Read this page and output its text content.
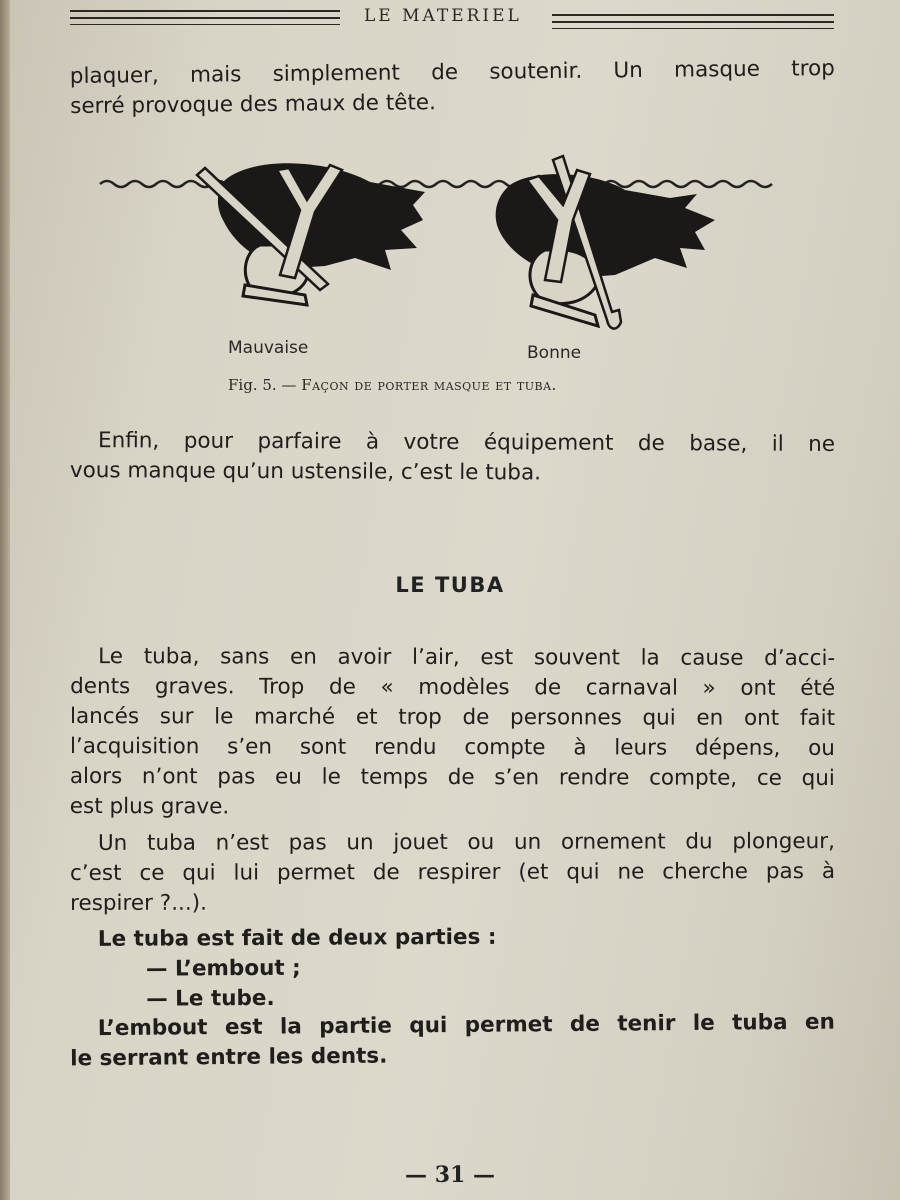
LE MATERIEL
plaquer, mais simplement de soutenir. Un masque trop
serré provoque des maux de tête.
Mauvaise	Bonne
Fig. 5. — Façon de porter masque et tuba.
Enfin, pour parfaire à votre équipement de base, il ne
vous manque qu’un ustensile, c’est le tuba.
LE TUBA
Le tuba, sans en avoir l’air, est souvent la cause d’acci-
dents graves. Trop de « modèles de carnaval » ont été
lancés sur le marché et trop de personnes qui en ont fait
l’acquisition s’en sont rendu compte à leurs dépens, ou
alors n’ont pas eu le temps de s’en rendre compte, ce qui
est plus grave.
Un tuba n’est pas un jouet ou un ornement du plongeur,
c’est ce qui lui permet de respirer (et qui ne cherche pas à
respirer ?...).
Le tuba est fait de deux parties :
— L’embout ;
— Le tube.
L’embout est la partie qui permet de tenir le tuba en
le serrant entre les dents.
— 31 —
